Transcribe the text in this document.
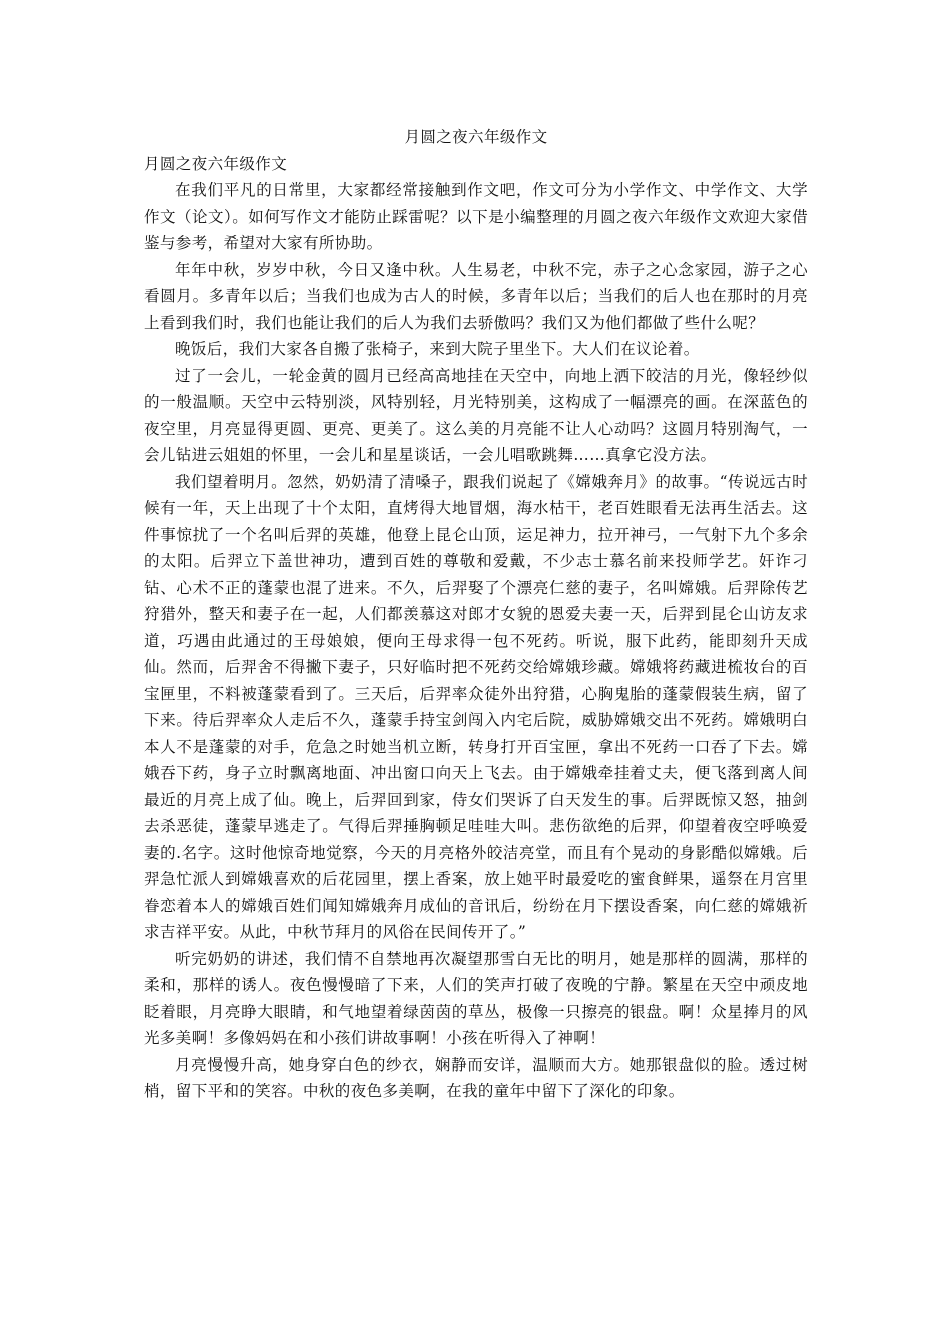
月圆之夜六年级作文

月圆之夜六年级作文

在我们平凡的日常里，大家都经常接触到作文吧，作文可分为小学作文、中学作文、大学作文（论文）。如何写作文才能防止踩雷呢？以下是小编整理的月圆之夜六年级作文欢迎大家借鉴与参考，希望对大家有所协助。

年年中秋，岁岁中秋，今日又逢中秋。人生易老，中秋不完，赤子之心念家园，游子之心看圆月。多青年以后；当我们也成为古人的时候，多青年以后；当我们的后人也在那时的月亮上看到我们时，我们也能让我们的后人为我们去骄傲吗？我们又为他们都做了些什么呢？

晚饭后，我们大家各自搬了张椅子，来到大院子里坐下。大人们在议论着。

过了一会儿，一轮金黄的圆月已经高高地挂在天空中，向地上洒下皎洁的月光，像轻纱似的一般温顺。天空中云特别淡，风特别轻，月光特别美，这构成了一幅漂亮的画。在深蓝色的夜空里，月亮显得更圆、更亮、更美了。这么美的月亮能不让人心动吗？这圆月特别淘气，一会儿钻进云姐姐的怀里，一会儿和星星谈话，一会儿唱歌跳舞……真拿它没方法。

我们望着明月。忽然，奶奶清了清嗓子，跟我们说起了《嫦娥奔月》的故事。“传说远古时候有一年，天上出现了十个太阳，直烤得大地冒烟，海水枯干，老百姓眼看无法再生活去。这件事惊扰了一个名叫后羿的英雄，他登上昆仑山顶，运足神力，拉开神弓，一气射下九个多余的太阳。后羿立下盖世神功，遭到百姓的尊敬和爱戴，不少志士慕名前来投师学艺。奸诈刁钻、心术不正的蓬蒙也混了进来。不久，后羿娶了个漂亮仁慈的妻子，名叫嫦娥。后羿除传艺狩猎外，整天和妻子在一起，人们都羡慕这对郎才女貌的恩爱夫妻一天，后羿到昆仑山访友求道，巧遇由此通过的王母娘娘，便向王母求得一包不死药。听说，服下此药，能即刻升天成仙。然而，后羿舍不得撇下妻子，只好临时把不死药交给嫦娥珍藏。嫦娥将药藏进梳妆台的百宝匣里，不料被蓬蒙看到了。三天后，后羿率众徒外出狩猎，心胸鬼胎的蓬蒙假装生病，留了下来。待后羿率众人走后不久，蓬蒙手持宝剑闯入内宅后院，威胁嫦娥交出不死药。嫦娥明白本人不是蓬蒙的对手，危急之时她当机立断，转身打开百宝匣，拿出不死药一口吞了下去。嫦娥吞下药，身子立时飘离地面、冲出窗口向天上飞去。由于嫦娥牵挂着丈夫，便飞落到离人间最近的月亮上成了仙。晚上，后羿回到家，侍女们哭诉了白天发生的事。后羿既惊又怒，抽剑去杀恶徒，蓬蒙早逃走了。气得后羿捶胸顿足哇哇大叫。悲伤欲绝的后羿，仰望着夜空呼唤爱妻的.名字。这时他惊奇地觉察，今天的月亮格外皎洁亮堂，而且有个晃动的身影酷似嫦娥。后羿急忙派人到嫦娥喜欢的后花园里，摆上香案，放上她平时最爱吃的蜜食鲜果，遥祭在月宫里眷恋着本人的嫦娥百姓们闻知嫦娥奔月成仙的音讯后，纷纷在月下摆设香案，向仁慈的嫦娥祈求吉祥平安。从此，中秋节拜月的风俗在民间传开了。”

听完奶奶的讲述，我们情不自禁地再次凝望那雪白无比的明月，她是那样的圆满，那样的柔和，那样的诱人。夜色慢慢暗了下来，人们的笑声打破了夜晚的宁静。繁星在天空中顽皮地眨着眼，月亮睁大眼睛，和气地望着绿茵茵的草丛，极像一只擦亮的银盘。啊！众星捧月的风光多美啊！多像妈妈在和小孩们讲故事啊！小孩在听得入了神啊！

月亮慢慢升高，她身穿白色的纱衣，娴静而安详，温顺而大方。她那银盘似的脸。透过树梢，留下平和的笑容。中秋的夜色多美啊，在我的童年中留下了深化的印象。
